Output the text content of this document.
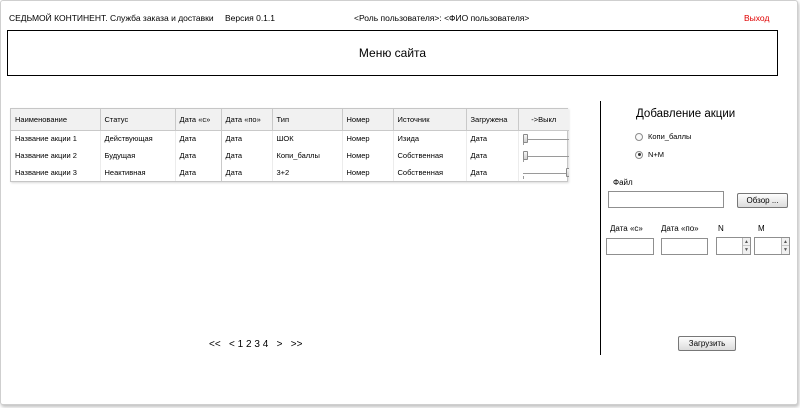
СЕДЬМОЙ КОНТИНЕНТ. Служба заказа и доставки Версия 0.1.1	<Роль пользователя>: <ФИО пользователя>	Выход
Меню сайта
Наименование	Статус	Дата «с»	Дата «по»	Тип	Номер	Источник	Загружена	->Выкл
Название акции 1	Действующая	Дата	Дата	ШОК	Номер	Изида	Дата	

Название акции 2	Будущая	Дата	Дата	Копи_баллы	Номер	Собственная	Дата	

Название акции 3	Неактивная	Дата	Дата	3+2	Номер	Собственная	Дата	
<< < 1 2 3 4 > >>
Добавление акции
Копи_баллы
N+M
Файл
Обзор ...
Дата «с» Дата «по» N	M
▲
▼
▲
▼
Загрузить
